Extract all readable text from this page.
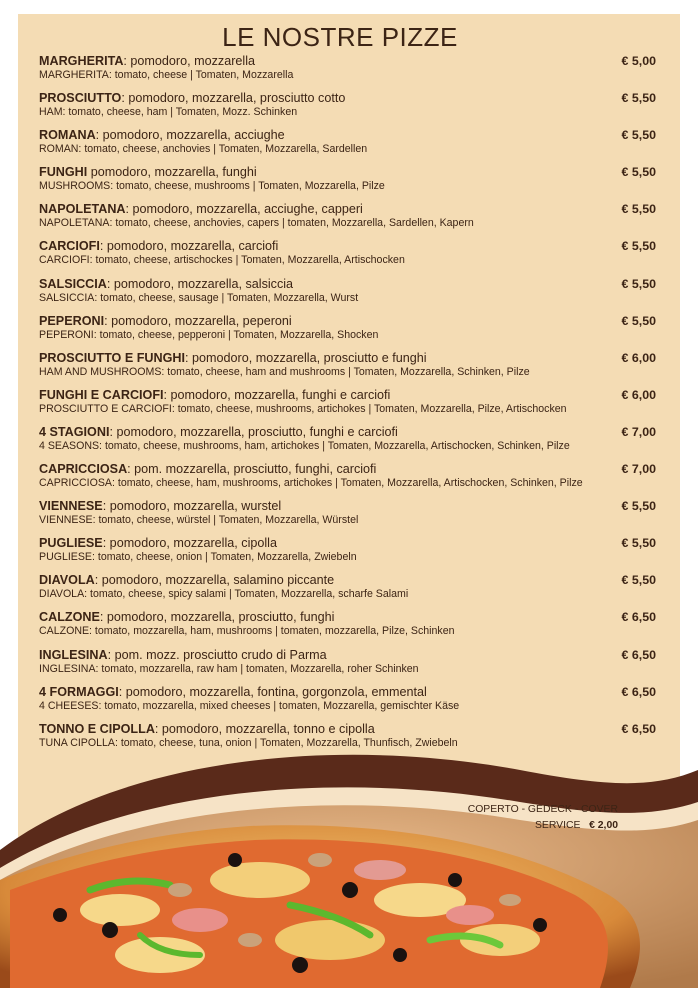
LE NOSTRE PIZZE
MARGHERITA: pomodoro, mozzarella
MARGHERITA: tomato, cheese | Tomaten, Mozzarella
€ 5,00
PROSCIUTTO: pomodoro, mozzarella, prosciutto cotto
HAM: tomato, cheese, ham | Tomaten, Mozz. Schinken
€ 5,50
ROMANA: pomodoro, mozzarella, acciughe
ROMAN: tomato, cheese, anchovies | Tomaten, Mozzarella, Sardellen
€ 5,50
FUNGHI pomodoro, mozzarella, funghi
MUSHROOMS: tomato, cheese, mushrooms | Tomaten, Mozzarella, Pilze
€ 5,50
NAPOLETANA: pomodoro, mozzarella, acciughe, capperi
NAPOLETANA: tomato, cheese, anchovies, capers | tomaten, Mozzarella, Sardellen, Kapern
€ 5,50
CARCIOFI: pomodoro, mozzarella, carciofi
CARCIOFI: tomato, cheese, artischockes | Tomaten, Mozzarella, Artischocken
€ 5,50
SALSICCIA: pomodoro, mozzarella, salsiccia
SALSICCIA: tomato, cheese, sausage | Tomaten, Mozzarella, Wurst
€ 5,50
PEPERONI: pomodoro, mozzarella, peperoni
PEPERONI: tomato, cheese, pepperoni | Tomaten, Mozzarella, Shocken
€ 5,50
PROSCIUTTO E FUNGHI: pomodoro, mozzarella, prosciutto e funghi
HAM AND MUSHROOMS: tomato, cheese, ham and mushrooms | Tomaten, Mozzarella, Schinken, Pilze
€ 6,00
FUNGHI E CARCIOFI: pomodoro, mozzarella, funghi e carciofi
PROSCIUTTO E CARCIOFI: tomato, cheese, mushrooms, artichokes | Tomaten, Mozzarella, Pilze, Artischocken
€ 6,00
4 STAGIONI: pomodoro, mozzarella, prosciutto, funghi e carciofi
4 SEASONS: tomato, cheese, mushrooms, ham, artichokes | Tomaten, Mozzarella, Artischocken, Schinken, Pilze
€ 7,00
CAPRICCIOSA: pom. mozzarella, prosciutto, funghi, carciofi
CAPRICCIOSA: tomato, cheese, ham, mushrooms, artichokes | Tomaten, Mozzarella, Artischocken, Schinken, Pilze
€ 7,00
VIENNESE: pomodoro, mozzarella, wurstel
VIENNESE: tomato, cheese, würstel | Tomaten, Mozzarella, Würstel
€ 5,50
PUGLIESE: pomodoro, mozzarella, cipolla
PUGLIESE: tomato, cheese, onion | Tomaten, Mozzarella, Zwiebeln
€ 5,50
DIAVOLA: pomodoro, mozzarella, salamino piccante
DIAVOLA: tomato, cheese, spicy salami | Tomaten, Mozzarella, scharfe Salami
€ 5,50
CALZONE: pomodoro, mozzarella, prosciutto, funghi
CALZONE: tomato, mozzarella, ham, mushrooms | tomaten, mozzarella, Pilze, Schinken
€ 6,50
INGLESINA: pom. mozz. prosciutto crudo di Parma
INGLESINA: tomato, mozzarella, raw ham | tomaten, Mozzarella, roher Schinken
€ 6,50
4 FORMAGGI: pomodoro, mozzarella, fontina, gorgonzola, emmental
4 CHEESES: tomato, mozzarella, mixed cheeses | tomaten, Mozzarella, gemischter Käse
€ 6,50
TONNO E CIPOLLA: pomodoro, mozzarella, tonno e cipolla
TUNA CIPOLLA: tomato, cheese, tuna, onion | Tomaten, Mozzarella, Thunfisch, Zwiebeln
€ 6,50
COPERTO - GEDECK - COVER
SERVICE € 2,00
